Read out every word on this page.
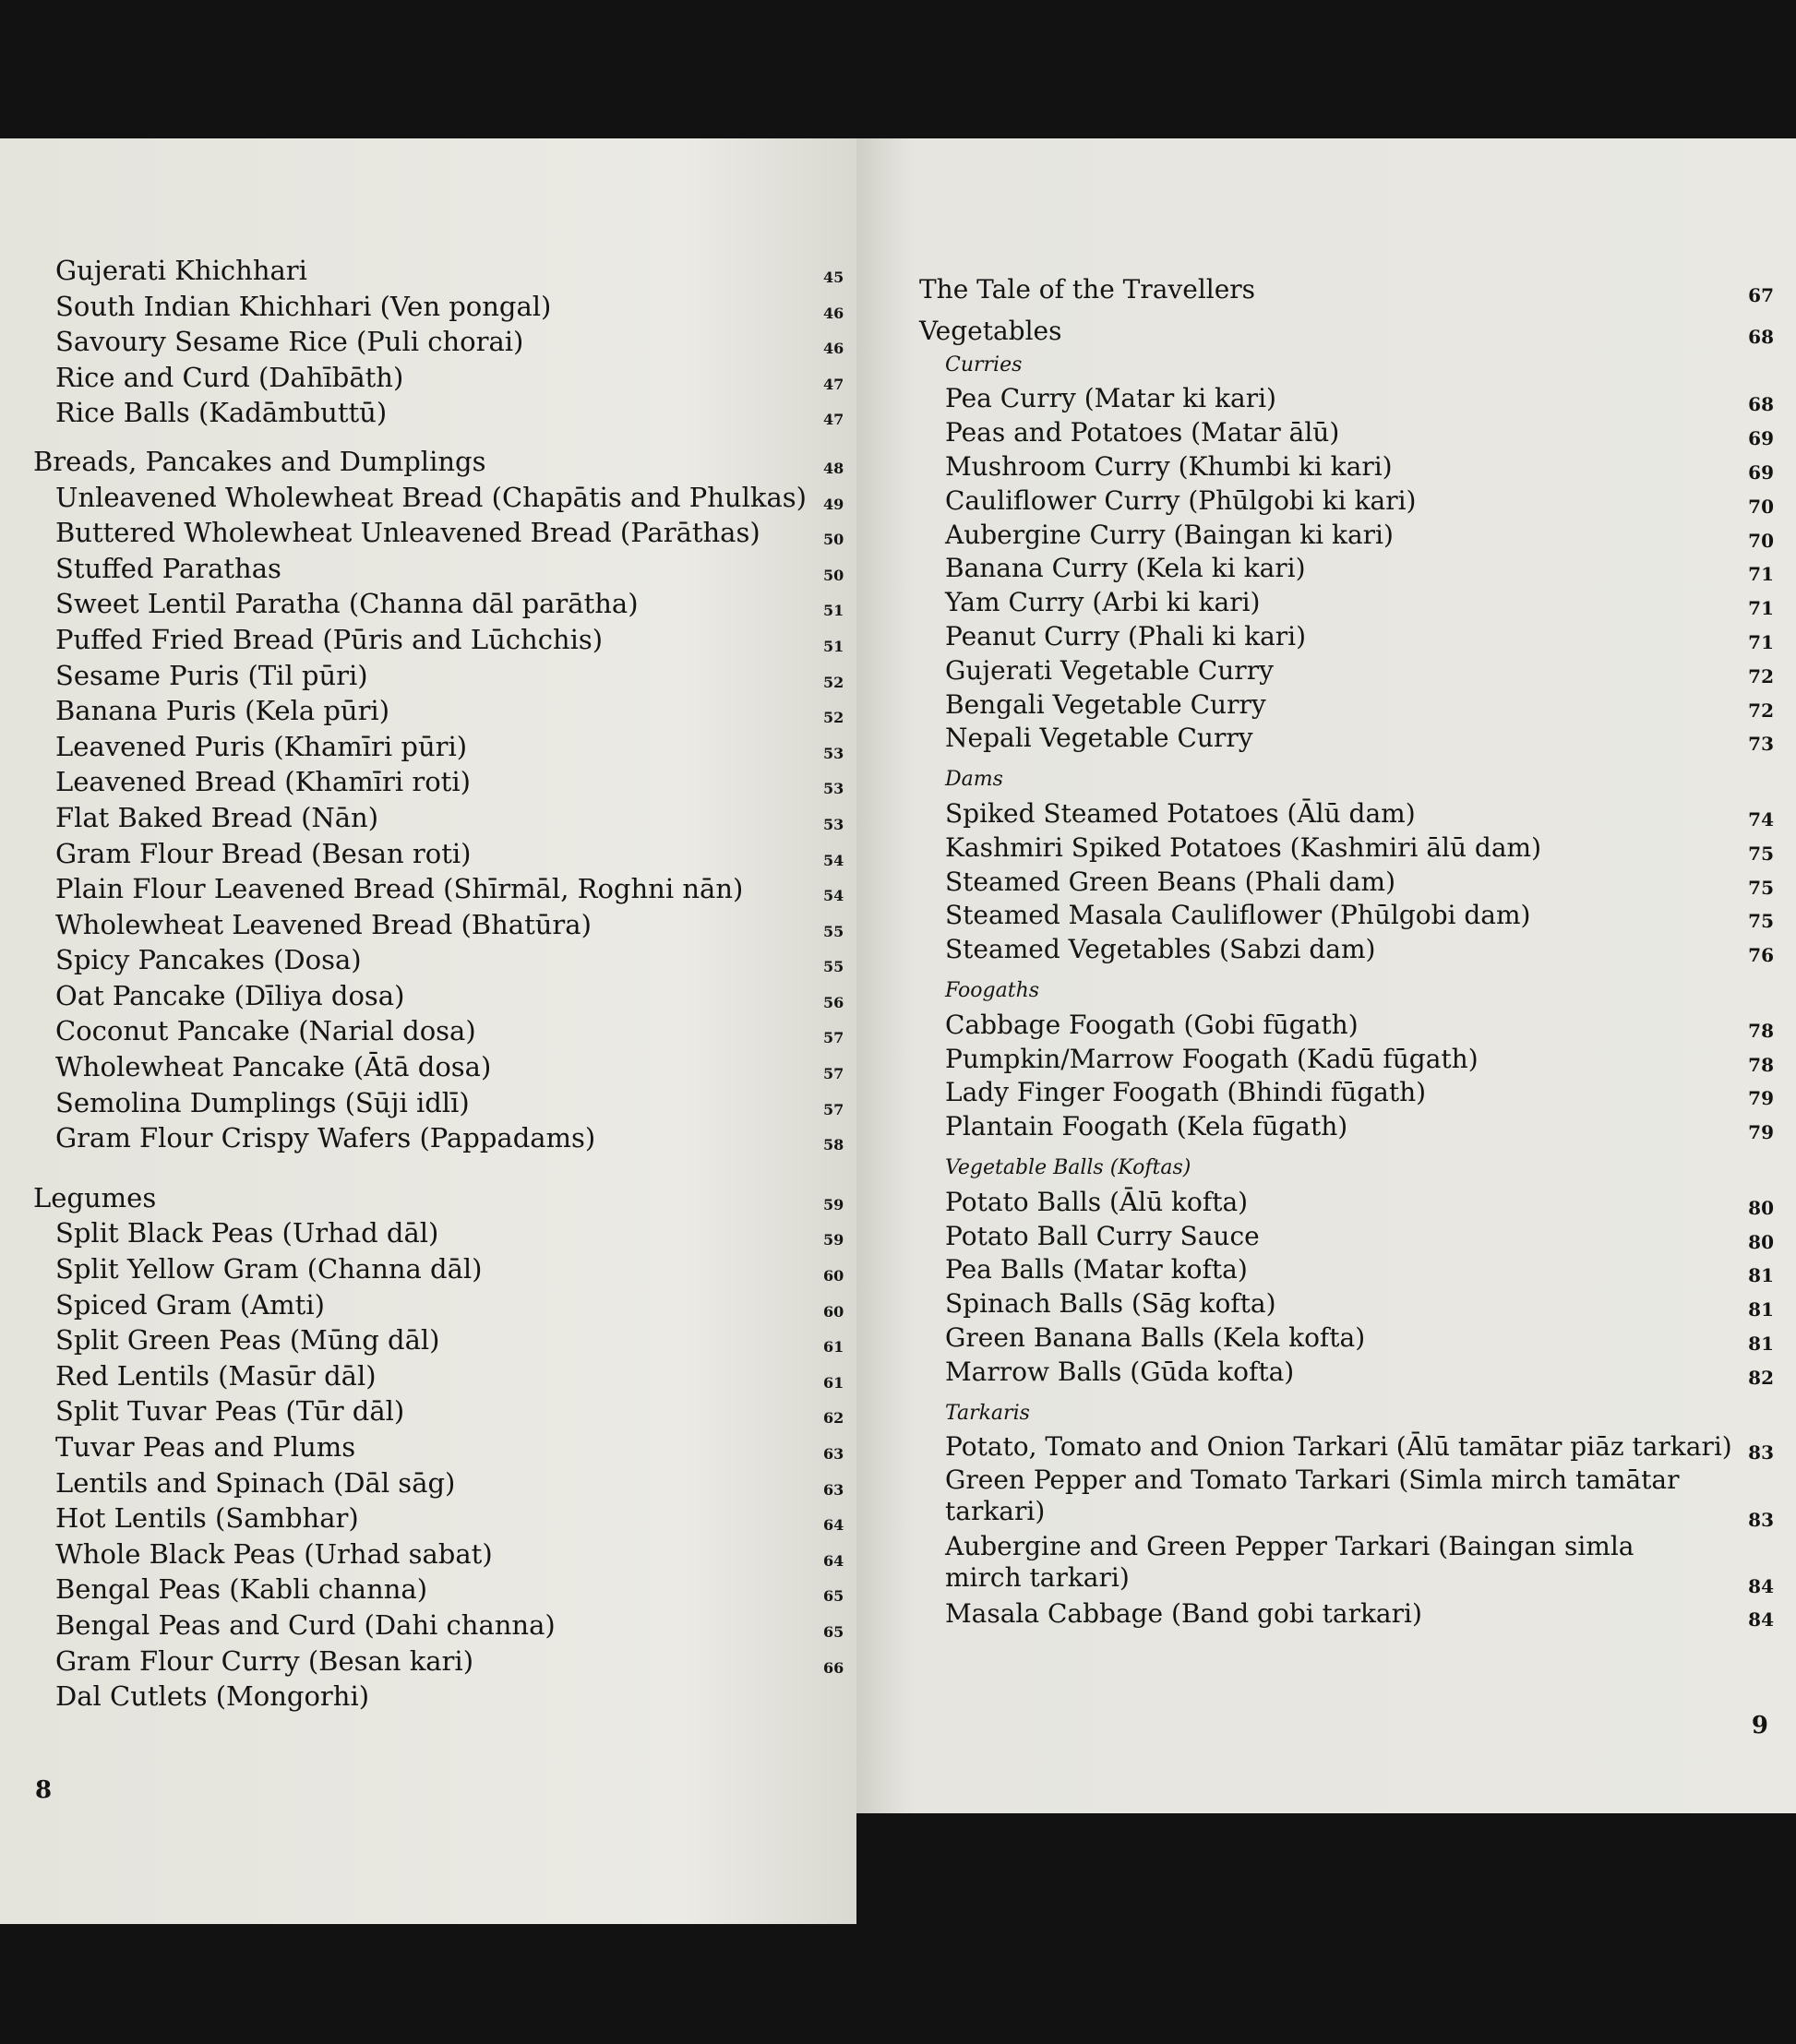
Gujerati Khichhari	45
South Indian Khichhari (Ven pongal)	46
Savoury Sesame Rice (Puli chorai)	46
Rice and Curd (Dahībāth)	47
Rice Balls (Kadāmbuttū)	47
Breads, Pancakes and Dumplings	48
Unleavened Wholewheat Bread (Chapātis and Phulkas) 49
Buttered Wholewheat Unleavened Bread (Parāthas)	50
Stuffed Parathas	50
Sweet Lentil Paratha (Channa dāl parātha)	51
Puffed Fried Bread (Pūris and Lūchchis)	51
Sesame Puris (Til pūri)	52
Banana Puris (Kela pūri)	52
Leavened Puris (Khamīri pūri)	53
Leavened Bread (Khamīri roti)	53
Flat Baked Bread (Nān)	53
Gram Flour Bread (Besan roti)	54
Plain Flour Leavened Bread (Shīrmāl, Roghni nān)	54
Wholewheat Leavened Bread (Bhatūra)	55
Spicy Pancakes (Dosa)	55
Oat Pancake (Dīliya dosa)	56
Coconut Pancake (Narial dosa)	57
Wholewheat Pancake (Ātā dosa)	57
Semolina Dumplings (Sūji idlī)	57
Gram Flour Crispy Wafers (Pappadams)	58
Legumes	59
Split Black Peas (Urhad dāl)	59
Split Yellow Gram (Channa dāl)	60
Spiced Gram (Amti)	60
Split Green Peas (Mūng dāl)	61
Red Lentils (Masūr dāl)	61
Split Tuvar Peas (Tūr dāl)	62
Tuvar Peas and Plums	63
Lentils and Spinach (Dāl sāg)	63
Hot Lentils (Sambhar)	64
Whole Black Peas (Urhad sabat)	64
Bengal Peas (Kabli channa)	65
Bengal Peas and Curd (Dahi channa)	65
Gram Flour Curry (Besan kari)	66
Dal Cutlets (Mongorhi)
8
The Tale of the Travellers	67
Vegetables	68
Curries
Pea Curry (Matar ki kari)	68
Peas and Potatoes (Matar ālū)	69
Mushroom Curry (Khumbi ki kari)	69
Cauliflower Curry (Phūlgobi ki kari)	70
Aubergine Curry (Baingan ki kari)	70
Banana Curry (Kela ki kari)	71
Yam Curry (Arbi ki kari)	71
Peanut Curry (Phali ki kari)	71
Gujerati Vegetable Curry	72
Bengali Vegetable Curry	72
Nepali Vegetable Curry	73
Dams
Spiked Steamed Potatoes (Ālū dam)	74
Kashmiri Spiked Potatoes (Kashmiri ālū dam)	75
Steamed Green Beans (Phali dam)	75
Steamed Masala Cauliflower (Phūlgobi dam)	75
Steamed Vegetables (Sabzi dam)	76
Foogaths
Cabbage Foogath (Gobi fūgath)	78
Pumpkin/Marrow Foogath (Kadū fūgath)	78
Lady Finger Foogath (Bhindi fūgath)	79
Plantain Foogath (Kela fūgath)	79
Vegetable Balls (Koftas)
Potato Balls (Ālū kofta)	80
Potato Ball Curry Sauce	80
Pea Balls (Matar kofta)	81
Spinach Balls (Sāg kofta)	81
Green Banana Balls (Kela kofta)	81
Marrow Balls (Gūda kofta)	82
Tarkaris
Potato, Tomato and Onion Tarkari (Ālū tamātar piāz tarkari) 83
Green Pepper and Tomato Tarkari (Simla mirch tamātar tarkari)	83
Aubergine and Green Pepper Tarkari (Baingan simla mirch tarkari)	84
Masala Cabbage (Band gobi tarkari)	84
9
